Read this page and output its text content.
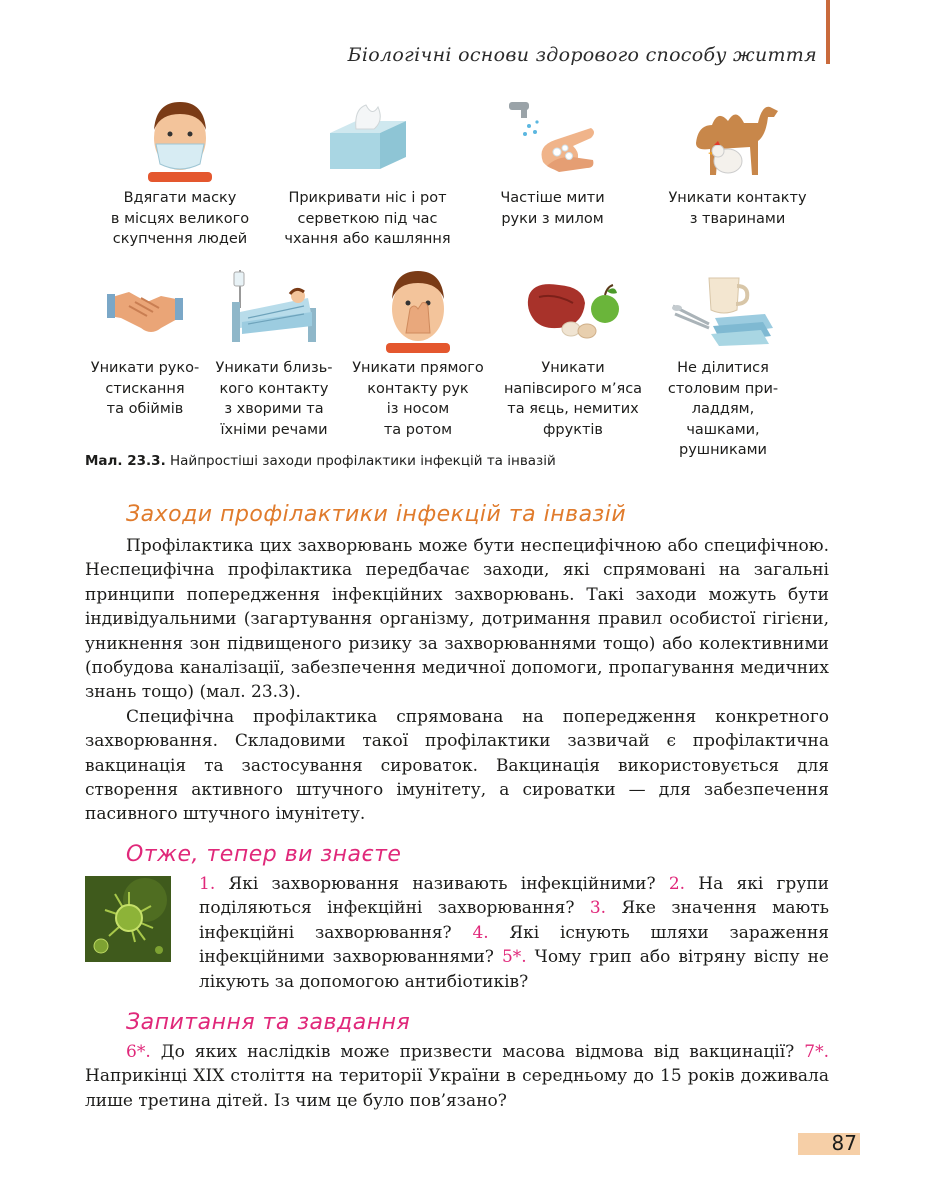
Біологічні основи здорового способу життя
Вдягати маску
в місцях великого
скупчення людей
Прикривати ніс і рот
серветкою під час
чхання або кашляння
Частіше мити
руки з милом
Уникати контакту
з тваринами
Уникати руко-
стискання
та обіймів
Уникати близь-
кого контакту
з хворими та
їхніми речами
Уникати прямого
контакту рук
із носом
та ротом
Уникати
напівсирого м’яса
та яєць, немитих
фруктів
Не ділитися
столовим при-
ладдям, чашками,
рушниками
Мал. 23.3. Найпростіші заходи профілактики інфекцій та інвазій
Заходи профілактики інфекцій та інвазій

Профілактика цих захворювань може бути неспецифічною або специфічною. Неспецифічна профілактика передбачає заходи, які спрямовані на загальні принципи попередження інфекційних захворювань. Такі заходи можуть бути індивідуальними (загартування організму, дотримання правил особистої гігієни, уникнення зон підвищеного ризику за захворюваннями тощо) або колективними (побудова каналізації, забезпечення медичної допомоги, пропагування медичних знань тощо) (мал. 23.3).

Специфічна профілактика спрямована на попередження конкретного захворювання. Складовими такої профілактики зазвичай є профілактична вакцинація та застосування сироваток. Вакцинація використовується для створення активного штучного імунітету, а сироватки — для забезпечення пасивного штучного імунітету.

Отже, тепер ви знаєте
1. Які захворювання називають інфекційними? 2. На які групи поділяються інфекційні захворювання? 3. Яке значення мають інфекційні захворювання? 4. Які існують шляхи зараження інфекційними захворюваннями? 5*. Чому грип або вітряну віспу не лікують за допомогою антибіотиків?
Запитання та завдання
6*. До яких наслідків може призвести масова відмова від вакцинації? 7*. Наприкінці XIX століття на території України в середньому до 15 років доживала лише третина дітей. Із чим це було пов’язано?
87
